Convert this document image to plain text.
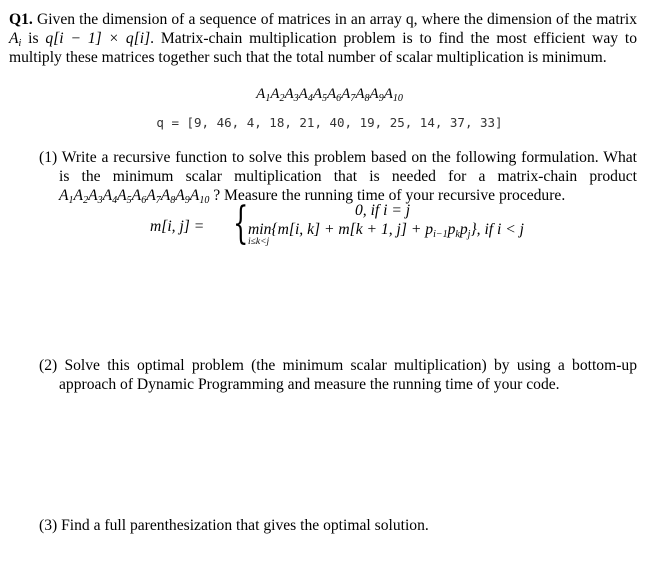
Q1. Given the dimension of a sequence of matrices in an array q, where the dimension of the matrix $A_i$ is q[i − 1] × q[i]. Matrix-chain multiplication problem is to find the most efficient way to multiply these matrices together such that the total number of scalar multiplication is minimum.
$A_1A_2A_3A_4A_5A_6A_7A_8A_9A_{10}$
q = [9, 46, 4, 18, 21, 40, 19, 25, 14, 37, 33]
(1) Write a recursive function to solve this problem based on the following formulation. What is the minimum scalar multiplication that is needed for a matrix-chain product $A_1A_2A_3A_4A_5A_6A_7A_8A_9A_{10}$ ? Measure the running time of your recursive procedure.
m[i, j] = {	0, if i = j
min{m[i, k] + m[k + 1, $j] + p_{i-1}p_kp_j$}, if i < j
i≤k<j
(2) Solve this optimal problem (the minimum scalar multiplication) by using a bottom-up approach of Dynamic Programming and measure the running time of your code.
(3) Find a full parenthesization that gives the optimal solution.
